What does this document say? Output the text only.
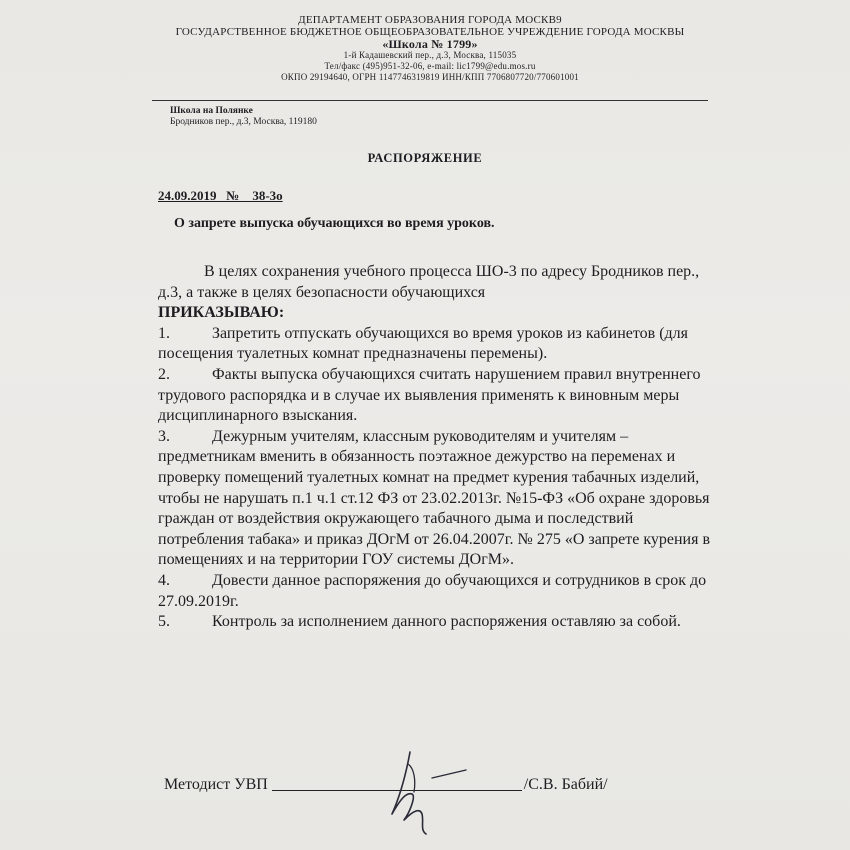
ДЕПАРТАМЕНТ ОБРАЗОВАНИЯ ГОРОДА МОСКВ9
ГОСУДАРСТВЕННОЕ БЮДЖЕТНОЕ ОБЩЕОБРАЗОВАТЕЛЬНОЕ УЧРЕЖДЕНИЕ ГОРОДА МОСКВЫ
«Школа № 1799»
1-й Кадашевский пер., д.3, Москва, 115035
Тел/факс (495)951-32-06, e-mail: lic1799@edu.mos.ru
ОКПО 29194640, ОГРН 1147746319819 ИНН/КПП 7706807720/770601001
Школа на Полянке
Бродников пер., д.3, Москва, 119180
РАСПОРЯЖЕНИЕ
24.09.2019   №    38-3о
О запрете выпуска обучающихся во время уроков.

В целях сохранения учебного процесса ШО-3 по адресу Бродников пер., д.3, а также в целях безопасности обучающихся

ПРИКАЗЫВАЮ:

1.	Запретить отпускать обучающихся во время уроков из кабинетов (для посещения туалетных комнат предназначены перемены).

2.	Факты выпуска обучающихся считать нарушением правил внутреннего трудового распорядка и в случае их выявления применять к виновным меры дисциплинарного взыскания.

3.	Дежурным учителям, классным руководителям и учителям – предметникам вменить в обязанность поэтажное дежурство на переменах и проверку помещений туалетных комнат на предмет курения табачных изделий, чтобы не нарушать п.1 ч.1 ст.12 ФЗ от 23.02.2013г. №15-ФЗ «Об охране здоровья граждан от воздействия окружающего табачного дыма и последствий потребления табака» и приказ ДОгМ от 26.04.2007г. № 275 «О запрете курения в помещениях и на территории ГОУ системы ДОгМ».

4.	Довести данное распоряжения до обучающихся и сотрудников в срок до 27.09.2019г.

5.	Контроль за исполнением данного распоряжения оставляю за собой.

Методист УВП	/С.В. Бабий/
